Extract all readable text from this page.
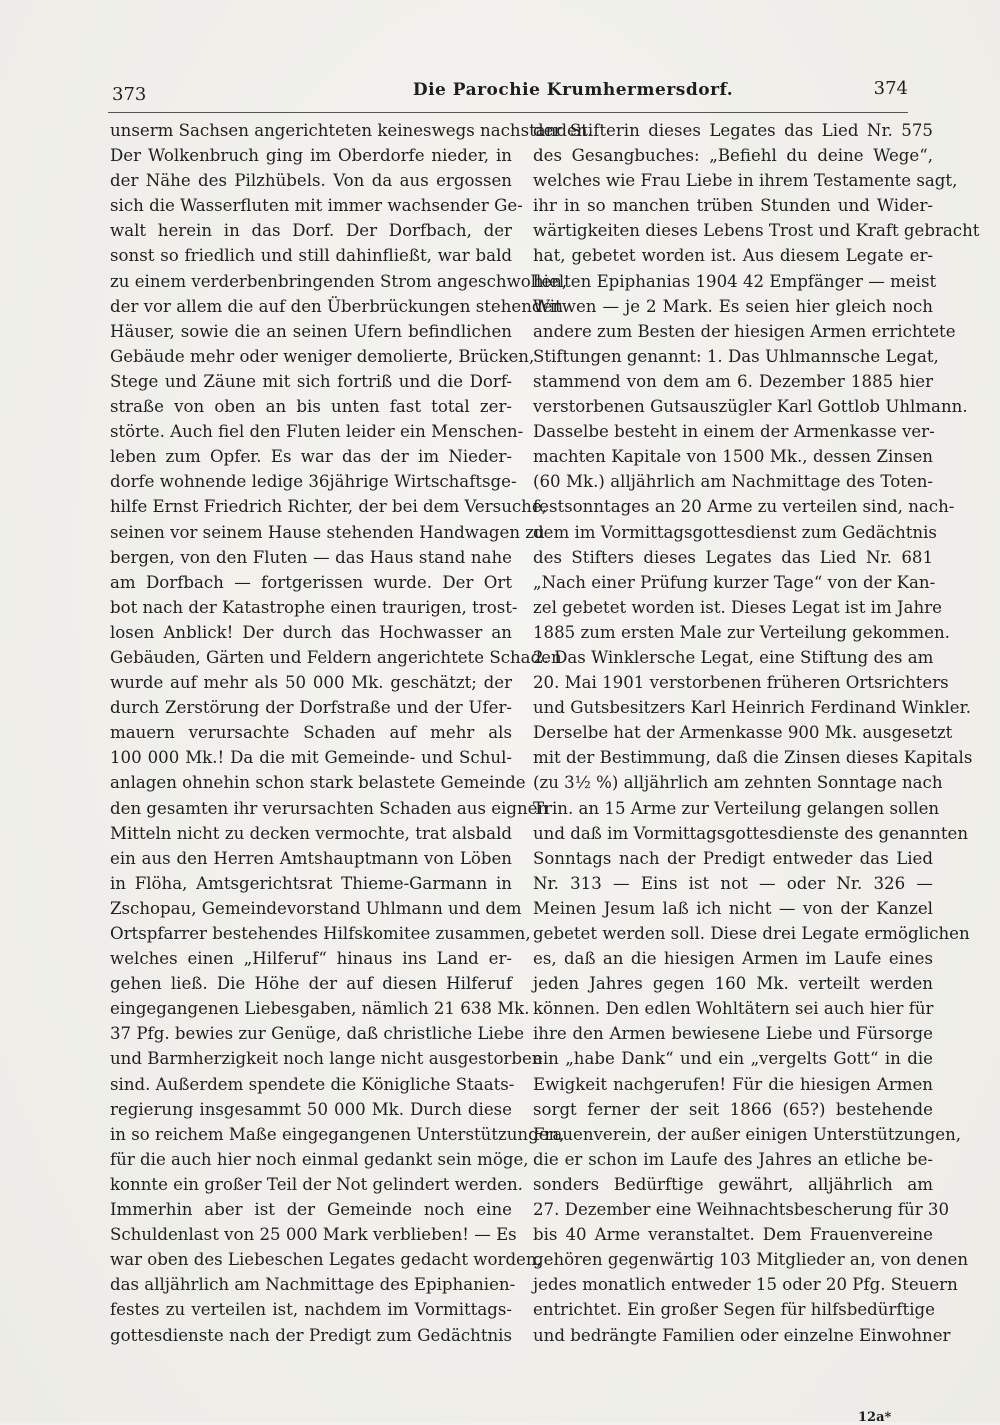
373	Die Parochie Krumhermersdorf.	374
unserm Sachsen angerichteten keineswegs nachstanden.
Der Wolkenbruch ging im Oberdorfe nieder, in
der Nähe des Pilzhübels. Von da aus ergossen
sich die Wasserfluten mit immer wachsender Ge-
walt herein in das Dorf. Der Dorfbach, der
sonst so friedlich und still dahinfließt, war bald
zu einem verderbenbringenden Strom angeschwollen,
der vor allem die auf den Überbrückungen stehenden
Häuser, sowie die an seinen Ufern befindlichen
Gebäude mehr oder weniger demolierte, Brücken,
Stege und Zäune mit sich fortriß und die Dorf-
straße von oben an bis unten fast total zer-
störte. Auch fiel den Fluten leider ein Menschen-
leben zum Opfer. Es war das der im Nieder-
dorfe wohnende ledige 36jährige Wirtschaftsge-
hilfe Ernst Friedrich Richter, der bei dem Versuche,
seinen vor seinem Hause stehenden Handwagen zu
bergen, von den Fluten — das Haus stand nahe
am Dorfbach — fortgerissen wurde. Der Ort
bot nach der Katastrophe einen traurigen, trost-
losen Anblick! Der durch das Hochwasser an
Gebäuden, Gärten und Feldern angerichtete Schaden
wurde auf mehr als 50 000 Mk. geschätzt; der
durch Zerstörung der Dorfstraße und der Ufer-
mauern verursachte Schaden auf mehr als
100 000 Mk.! Da die mit Gemeinde- und Schul-
anlagen ohnehin schon stark belastete Gemeinde
den gesamten ihr verursachten Schaden aus eignen
Mitteln nicht zu decken vermochte, trat alsbald
ein aus den Herren Amtshauptmann von Löben
in Flöha, Amtsgerichtsrat Thieme-Garmann in
Zschopau, Gemeindevorstand Uhlmann und dem
Ortspfarrer bestehendes Hilfskomitee zusammen,
welches einen „Hilferuf“ hinaus ins Land er-
gehen ließ. Die Höhe der auf diesen Hilferuf
eingegangenen Liebesgaben, nämlich 21 638 Mk.
37 Pfg. bewies zur Genüge, daß christliche Liebe
und Barmherzigkeit noch lange nicht ausgestorben
sind. Außerdem spendete die Königliche Staats-
regierung insgesammt 50 000 Mk. Durch diese
in so reichem Maße eingegangenen Unterstützungen,
für die auch hier noch einmal gedankt sein möge,
konnte ein großer Teil der Not gelindert werden.
Immerhin aber ist der Gemeinde noch eine
Schuldenlast von 25 000 Mark verblieben! — Es
war oben des Liebeschen Legates gedacht worden,
das alljährlich am Nachmittage des Epiphanien-
festes zu verteilen ist, nachdem im Vormittags-
gottesdienste nach der Predigt zum Gedächtnis
der Stifterin dieses Legates das Lied Nr. 575
des Gesangbuches: „Befiehl du deine Wege“,
welches wie Frau Liebe in ihrem Testamente sagt,
ihr in so manchen trüben Stunden und Wider-
wärtigkeiten dieses Lebens Trost und Kraft gebracht
hat, gebetet worden ist. Aus diesem Legate er-
hielten Epiphanias 1904 42 Empfänger — meist
Witwen — je 2 Mark. Es seien hier gleich noch
andere zum Besten der hiesigen Armen errichtete
Stiftungen genannt: 1. Das Uhlmannsche Legat,
stammend von dem am 6. Dezember 1885 hier
verstorbenen Gutsauszügler Karl Gottlob Uhlmann.
Dasselbe besteht in einem der Armenkasse ver-
machten Kapitale von 1500 Mk., dessen Zinsen
(60 Mk.) alljährlich am Nachmittage des Toten-
festsonntages an 20 Arme zu verteilen sind, nach-
dem im Vormittagsgottesdienst zum Gedächtnis
des Stifters dieses Legates das Lied Nr. 681
„Nach einer Prüfung kurzer Tage“ von der Kan-
zel gebetet worden ist. Dieses Legat ist im Jahre
1885 zum ersten Male zur Verteilung gekommen.
2. Das Winklersche Legat, eine Stiftung des am
20. Mai 1901 verstorbenen früheren Ortsrichters
und Gutsbesitzers Karl Heinrich Ferdinand Winkler.
Derselbe hat der Armenkasse 900 Mk. ausgesetzt
mit der Bestimmung, daß die Zinsen dieses Kapitals
(zu 3½ %) alljährlich am zehnten Sonntage nach
Trin. an 15 Arme zur Verteilung gelangen sollen
und daß im Vormittagsgottesdienste des genannten
Sonntags nach der Predigt entweder das Lied
Nr. 313 — Eins ist not — oder Nr. 326 —
Meinen Jesum laß ich nicht — von der Kanzel
gebetet werden soll. Diese drei Legate ermöglichen
es, daß an die hiesigen Armen im Laufe eines
jeden Jahres gegen 160 Mk. verteilt werden
können. Den edlen Wohltätern sei auch hier für
ihre den Armen bewiesene Liebe und Fürsorge
ein „habe Dank“ und ein „vergelts Gott“ in die
Ewigkeit nachgerufen! Für die hiesigen Armen
sorgt ferner der seit 1866 (65?) bestehende
Frauenverein, der außer einigen Unterstützungen,
die er schon im Laufe des Jahres an etliche be-
sonders Bedürftige gewährt, alljährlich am
27. Dezember eine Weihnachtsbescherung für 30
bis 40 Arme veranstaltet. Dem Frauenvereine
gehören gegenwärtig 103 Mitglieder an, von denen
jedes monatlich entweder 15 oder 20 Pfg. Steuern
entrichtet. Ein großer Segen für hilfsbedürftige
und bedrängte Familien oder einzelne Einwohner
12a*
